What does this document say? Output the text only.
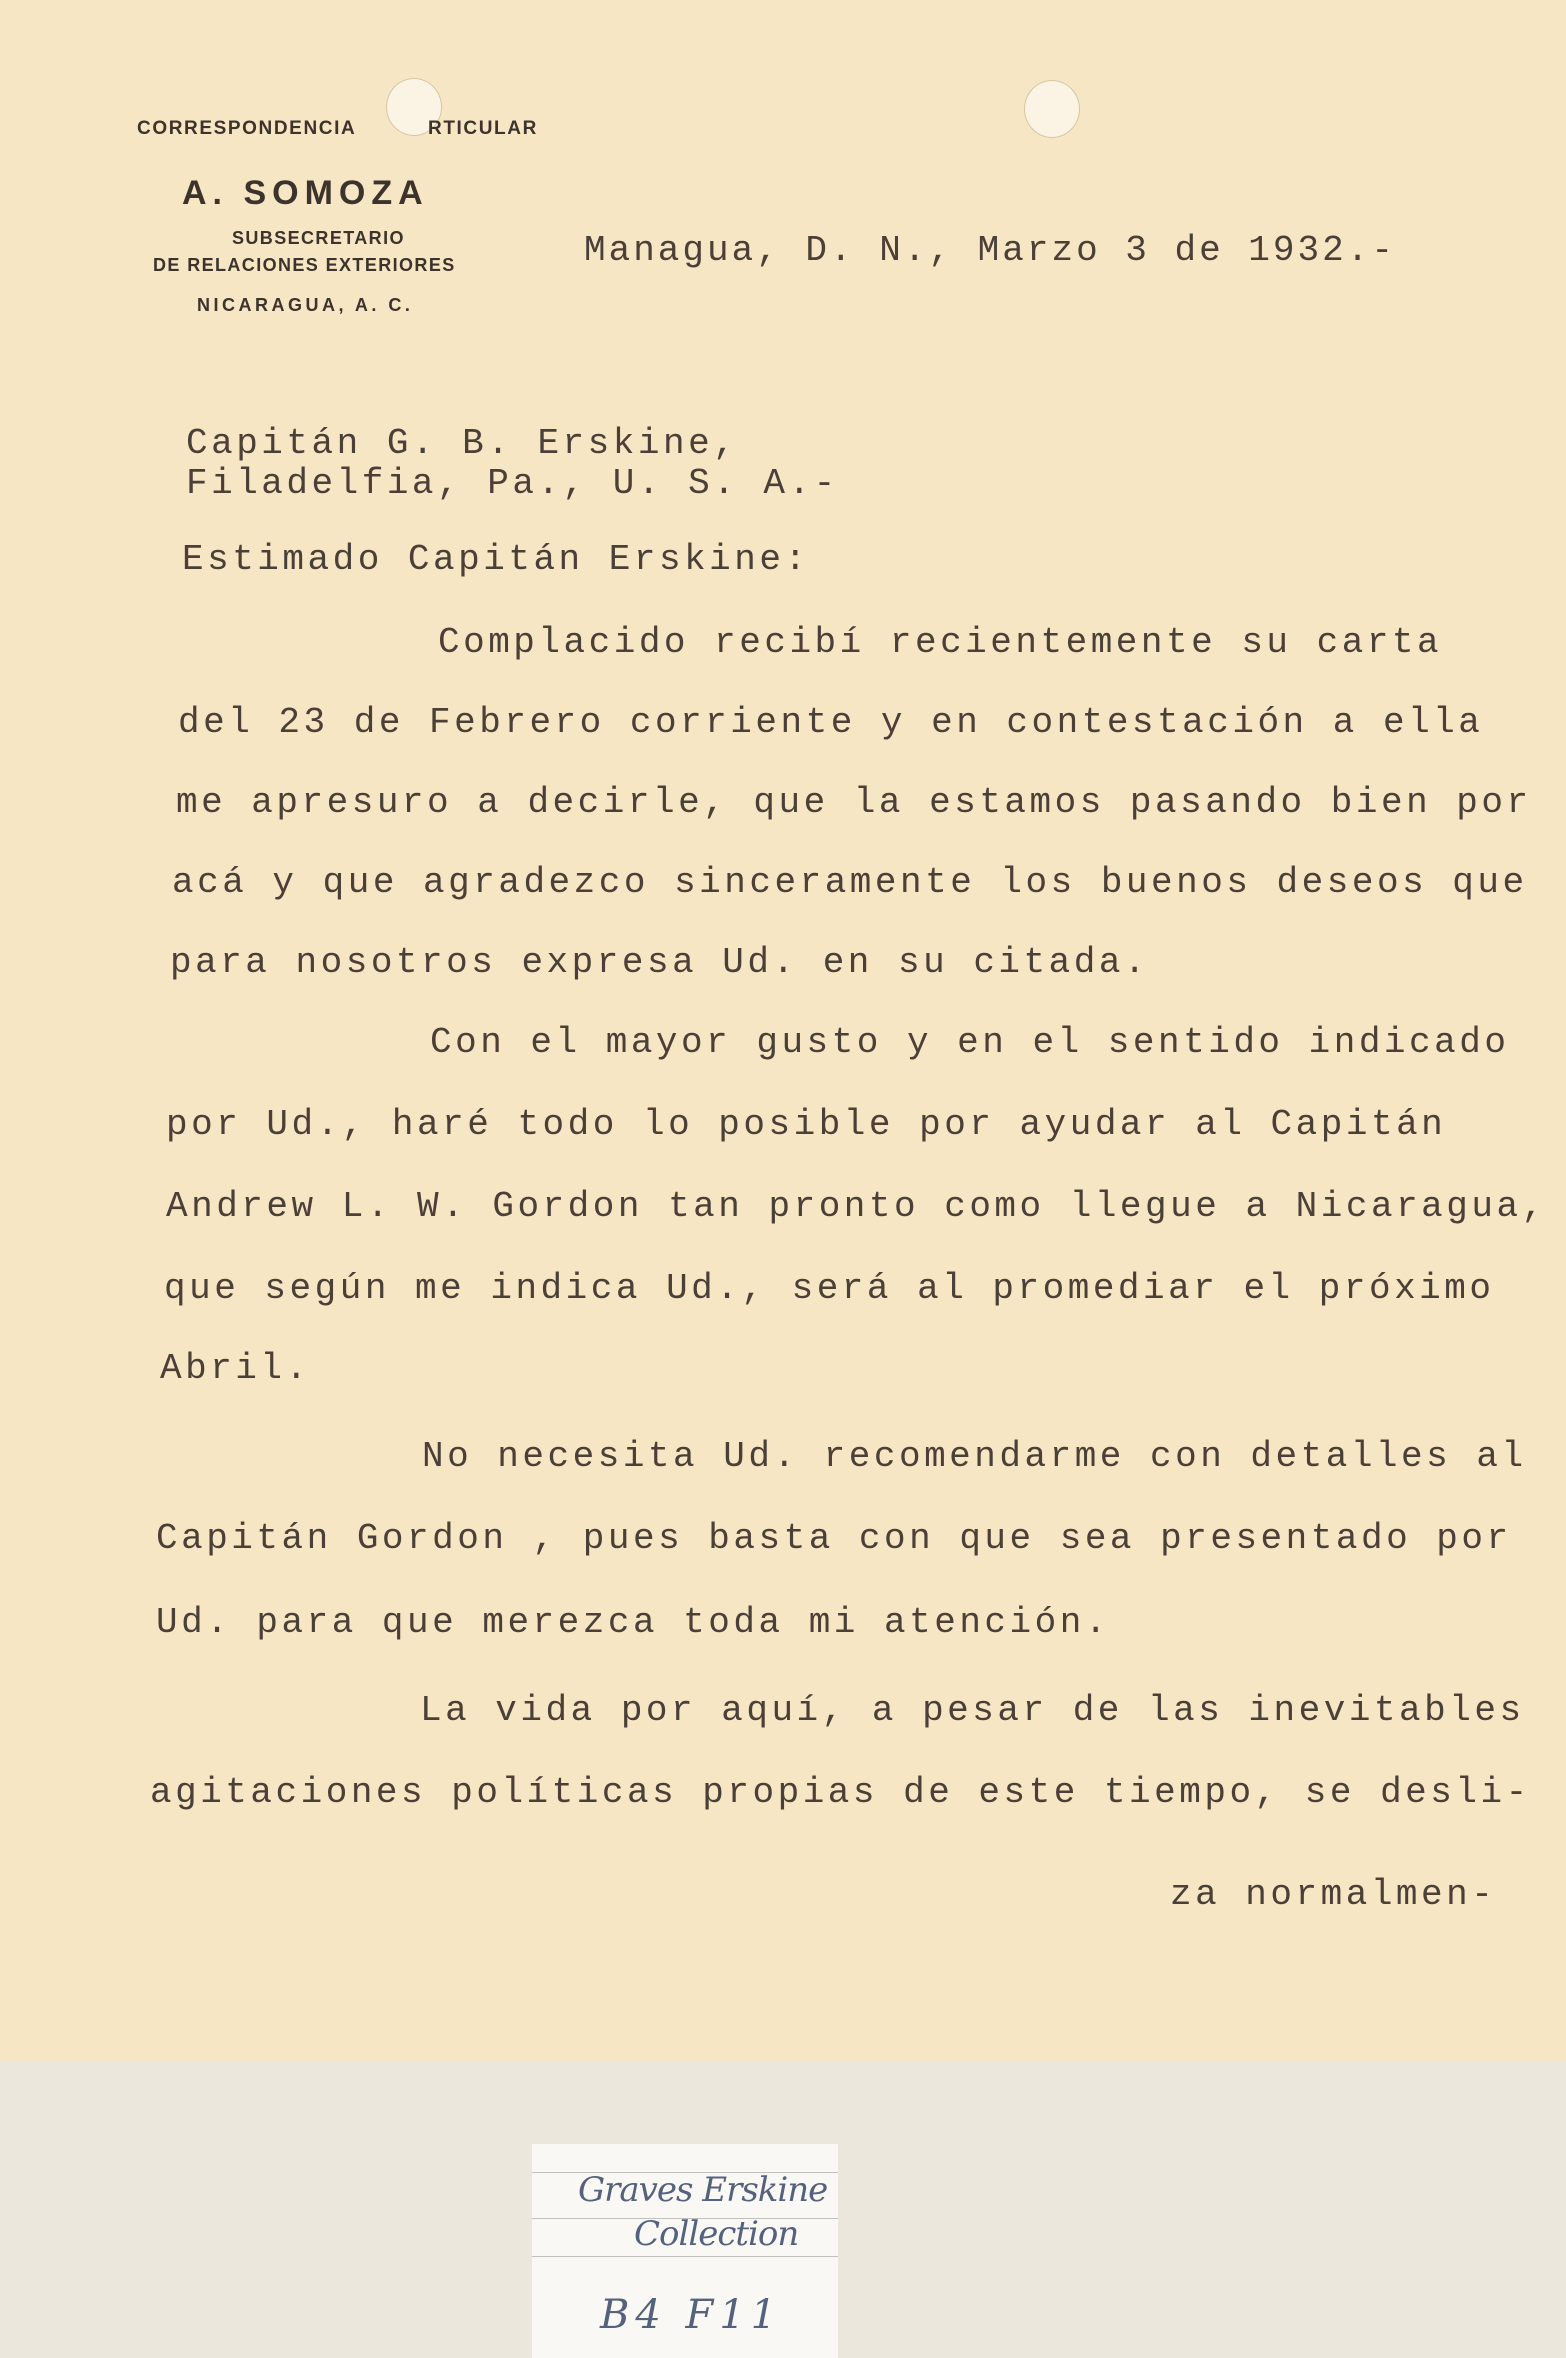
CORRESPONDENCIA	RTICULAR
A. SOMOZA
SUBSECRETARIO
DE RELACIONES EXTERIORES
NICARAGUA, A. C.
Managua, D. N., Marzo 3 de 1932.-
Capitán G. B. Erskine,
Filadelfia, Pa., U. S. A.-
Estimado Capitán Erskine:
Complacido recibí recientemente su carta
del 23 de Febrero corriente y en contestación a ella
me apresuro a decirle, que la estamos pasando bien por
acá y que agradezco sinceramente los buenos deseos que
para nosotros expresa Ud. en su citada.
Con el mayor gusto y en el sentido indicado
por Ud., haré todo lo posible por ayudar al Capitán
Andrew L. W. Gordon tan pronto como llegue a Nicaragua,
que según me indica Ud., será al promediar el próximo
Abril.
No necesita Ud. recomendarme con detalles al
Capitán Gordon , pues basta con que sea presentado por
Ud. para que merezca toda mi atención.
La vida por aquí, a pesar de las inevitables
agitaciones políticas propias de este tiempo, se desli-
za normalmen-
Graves Erskine
Collection
B4 F11
